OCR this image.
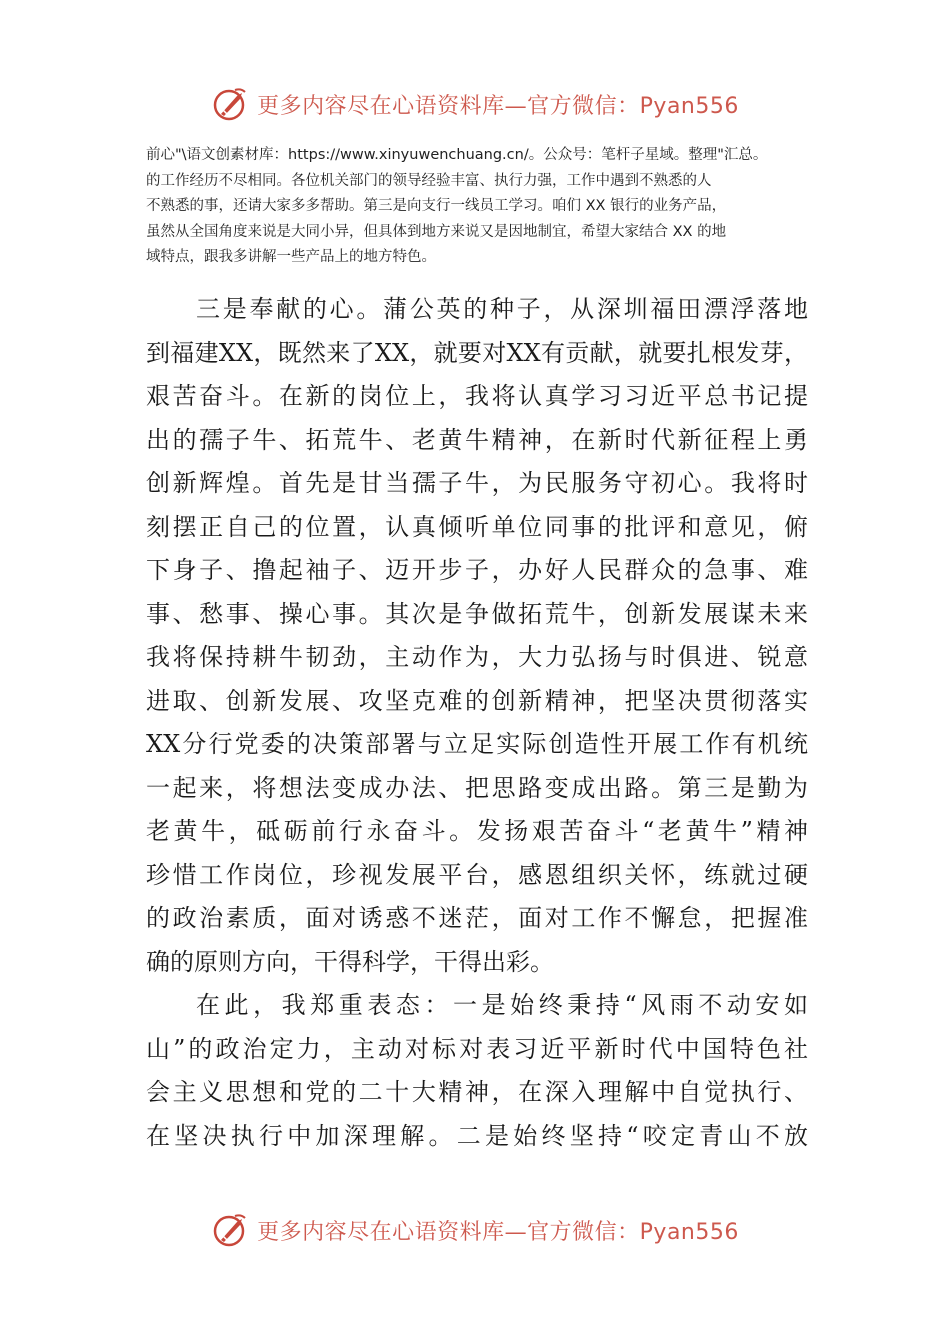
更多内容尽在心语资料库—官方微信：Pyan556

前心"\语文创素材库：https://www.xinyuwenchuang.cn/。公众号：笔杆子星域。整理"汇总。

的工作经历不尽相同。各位机关部门的领导经验丰富、执行力强，工作中遇到不熟悉的人

不熟悉的事，还请大家多多帮助。第三是向支行一线员工学习。咱们 XX 银行的业务产品，

虽然从全国角度来说是大同小异，但具体到地方来说又是因地制宜，希望大家结合 XX 的地

域特点，跟我多讲解一些产品上的地方特色。

三是奉献的心。蒲公英的种子，从深圳福田漂浮落地
到福建XX，既然来了XX，就要对XX有贡献，就要扎根发芽，
艰苦奋斗。在新的岗位上，我将认真学习习近平总书记提
出的孺子牛、拓荒牛、老黄牛精神，在新时代新征程上勇
创新辉煌。首先是甘当孺子牛，为民服务守初心。我将时
刻摆正自己的位置，认真倾听单位同事的批评和意见，俯
下身子、撸起袖子、迈开步子，办好人民群众的急事、难
事、愁事、操心事。其次是争做拓荒牛，创新发展谋未来
我将保持耕牛韧劲，主动作为，大力弘扬与时俱进、锐意
进取、创新发展、攻坚克难的创新精神，把坚决贯彻落实
XX分行党委的决策部署与立足实际创造性开展工作有机统
一起来，将想法变成办法、把思路变成出路。第三是勤为
老黄牛，砥砺前行永奋斗。发扬艰苦奋斗“老黄牛”精神
珍惜工作岗位，珍视发展平台，感恩组织关怀，练就过硬
的政治素质，面对诱惑不迷茫，面对工作不懈怠，把握准
确的原则方向，干得科学，干得出彩。
在此，我郑重表态：一是始终秉持“风雨不动安如
山”的政治定力，主动对标对表习近平新时代中国特色社
会主义思想和党的二十大精神，在深入理解中自觉执行、
在坚决执行中加深理解。二是始终坚持“咬定青山不放
更多内容尽在心语资料库—官方微信：Pyan556
